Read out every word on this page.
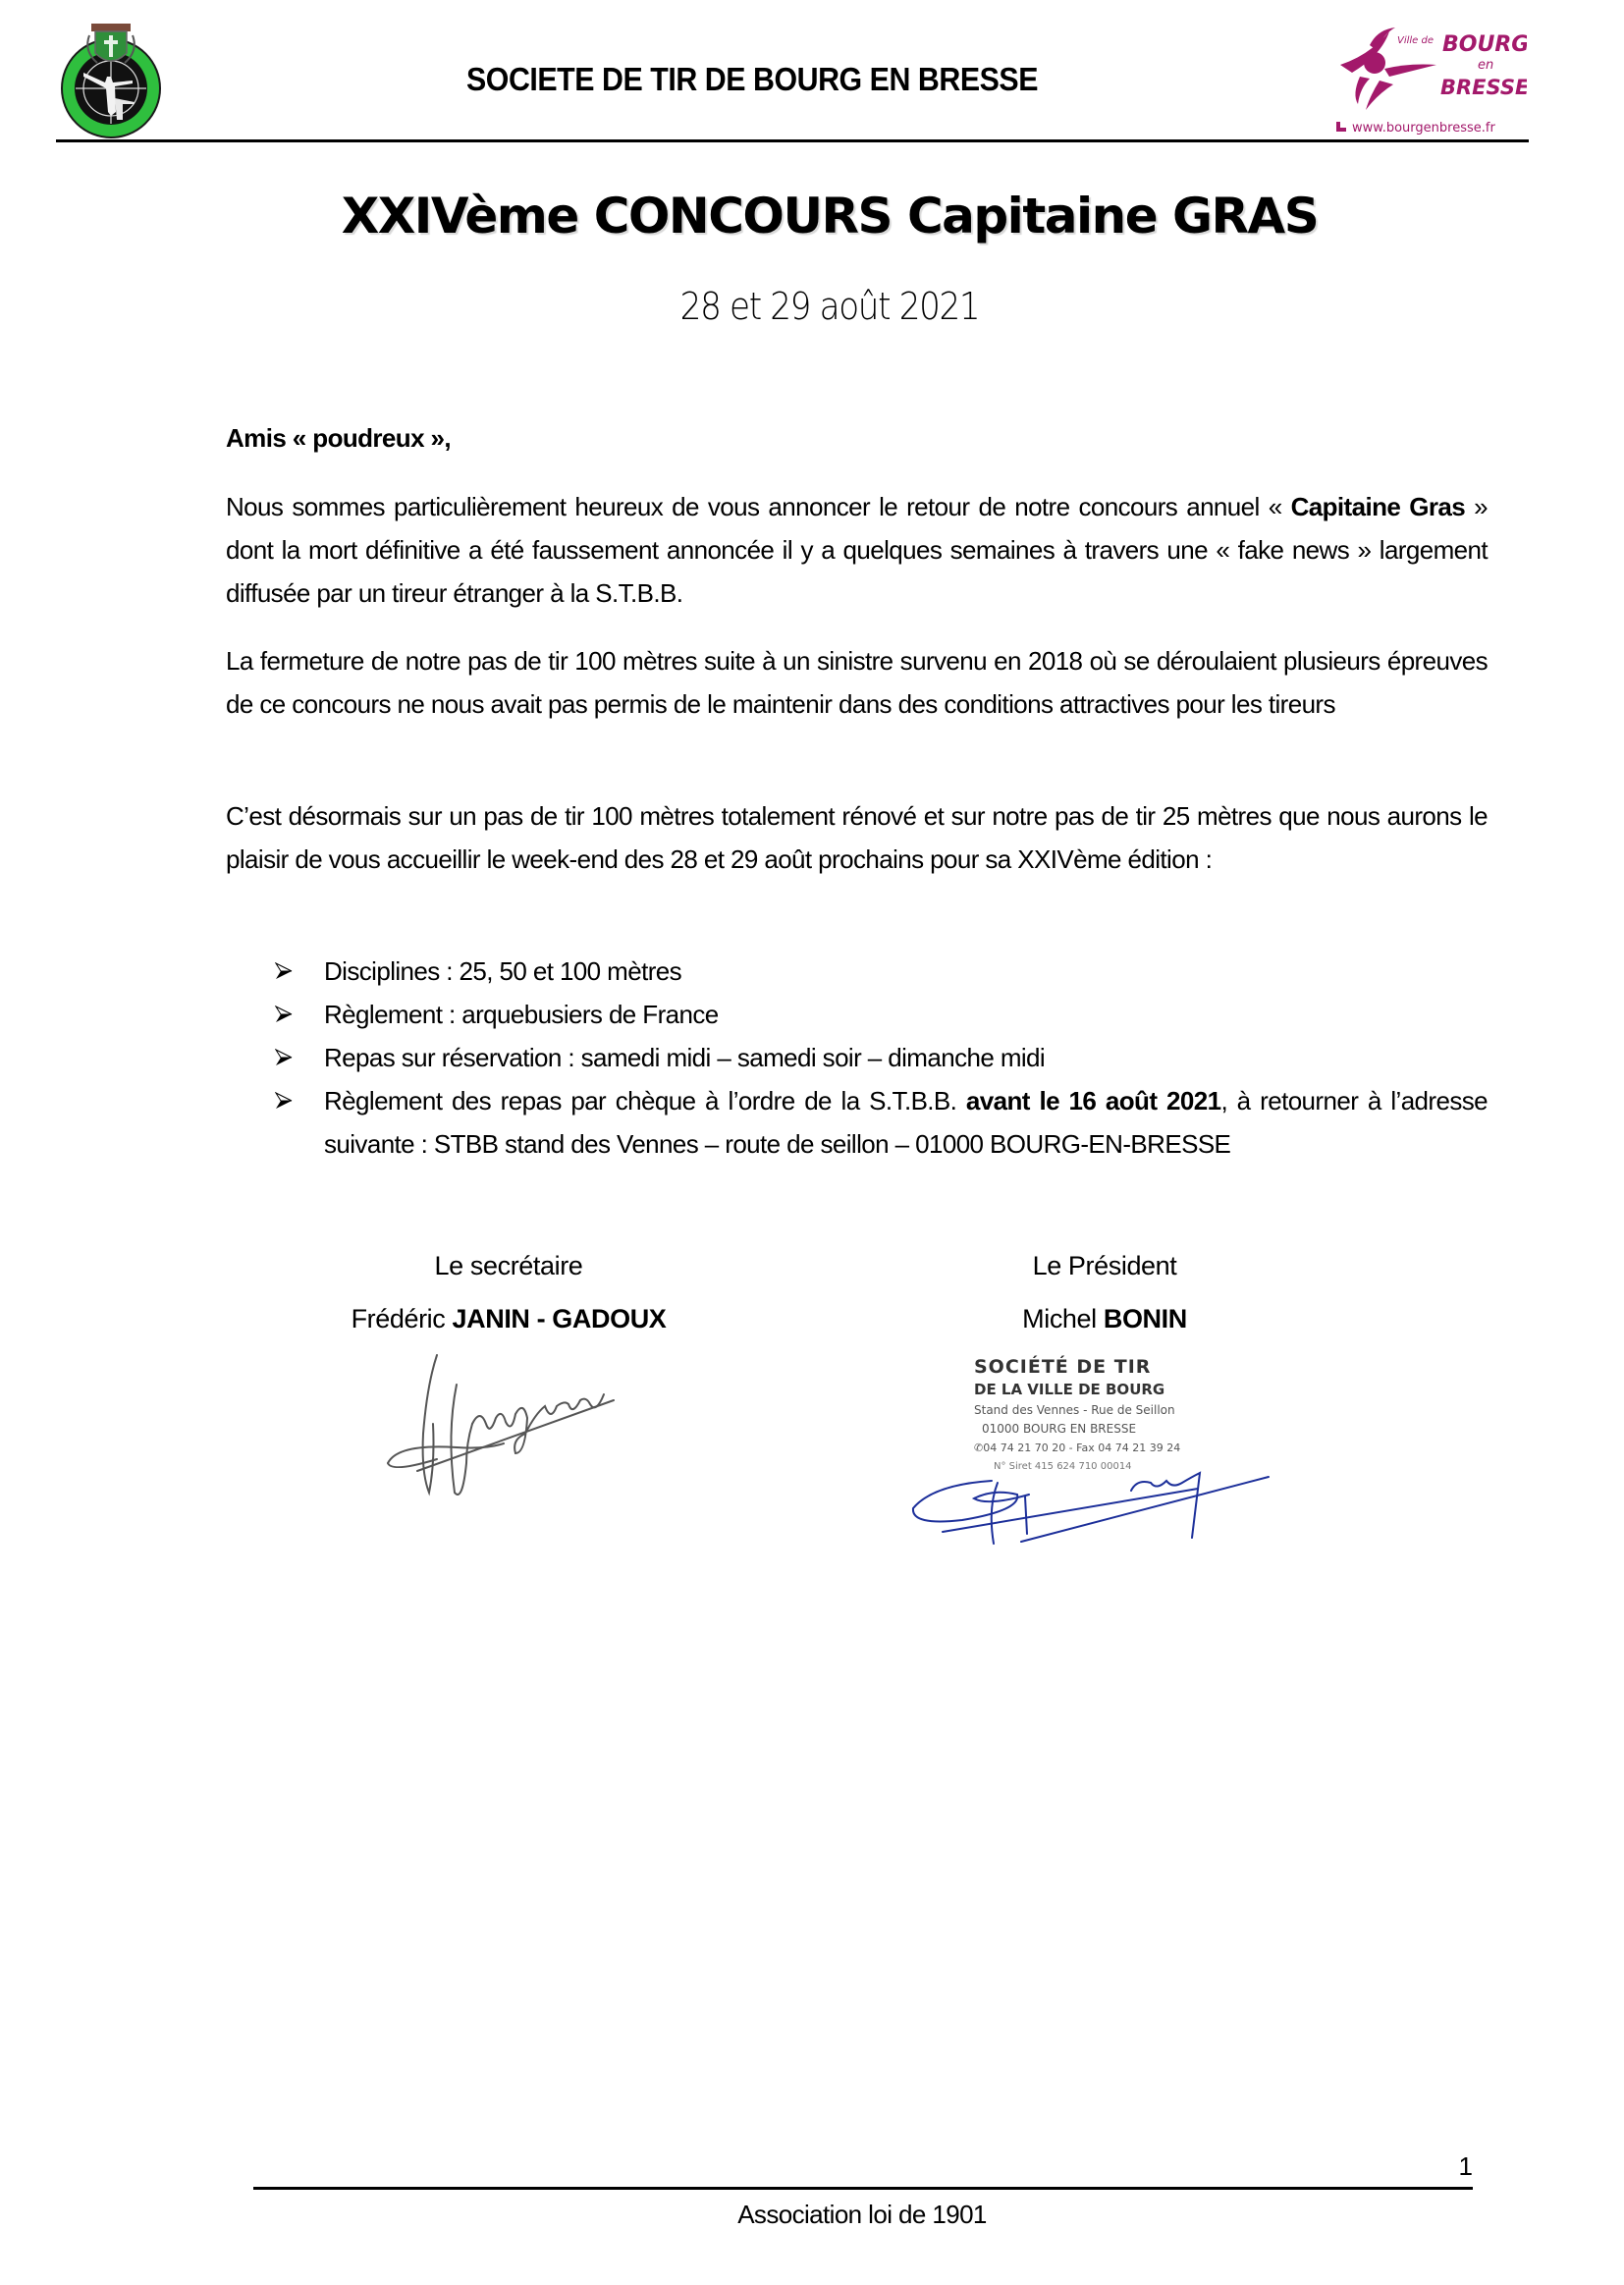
SOCIETE DE TIR DE BOURG EN BRESSE
Ville de BOURG
en
BRESSE
www.bourgenbresse.fr
XXIVème CONCOURS Capitaine GRAS
28 et 29 août 2021
Amis « poudreux »,

Nous sommes particulièrement heureux de vous annoncer le retour de notre concours annuel « Capitaine Gras » dont la mort définitive a été faussement annoncée il y a quelques semaines à travers une « fake news » largement diffusée par un tireur étranger à la S.T.B.B.

La fermeture de notre pas de tir 100 mètres suite à un sinistre survenu en 2018 où se déroulaient plusieurs épreuves de ce concours ne nous avait pas permis de le maintenir dans des conditions attractives pour les tireurs

C’est désormais sur un pas de tir 100 mètres totalement rénové et sur notre pas de tir 25 mètres que nous aurons le plaisir de vous accueillir le week-end des 28 et 29 août prochains pour sa XXIVème édition :

Disciplines : 25, 50 et 100 mètres
Règlement : arquebusiers de France
Repas sur réservation : samedi midi – samedi soir – dimanche midi
Règlement des repas par chèque à l’ordre de la S.T.B.B. avant le 16 août 2021, à retourner à l’adresse suivante : STBB stand des Vennes – route de seillon – 01000 BOURG-EN-BRESSE
Le secrétaire
Frédéric JANIN - GADOUX
Le Président
Michel BONIN
SOCIÉTÉ DE TIR
DE LA VILLE DE BOURG
Stand des Vennes - Rue de Seillon
01000 BOURG EN BRESSE
✆04 74 21 70 20 - Fax 04 74 21 39 24
N° Siret 415 624 710 00014
1
Association loi de 1901
